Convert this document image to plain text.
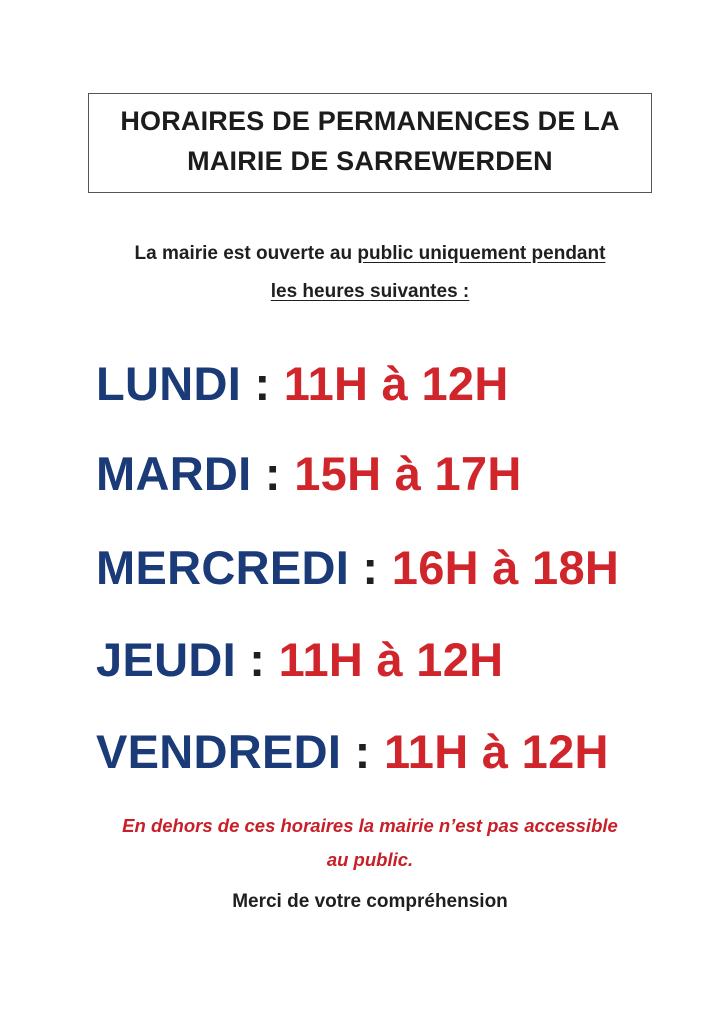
HORAIRES DE PERMANENCES DE LA
MAIRIE DE SARREWERDEN
La mairie est ouverte au public uniquement pendant
les heures suivantes :
LUNDI : 11H à 12H
MARDI : 15H à 17H
MERCREDI : 16H à 18H
JEUDI : 11H à 12H
VENDREDI : 11H à 12H
En dehors de ces horaires la mairie n’est pas accessible
au public.
Merci de votre compréhension
